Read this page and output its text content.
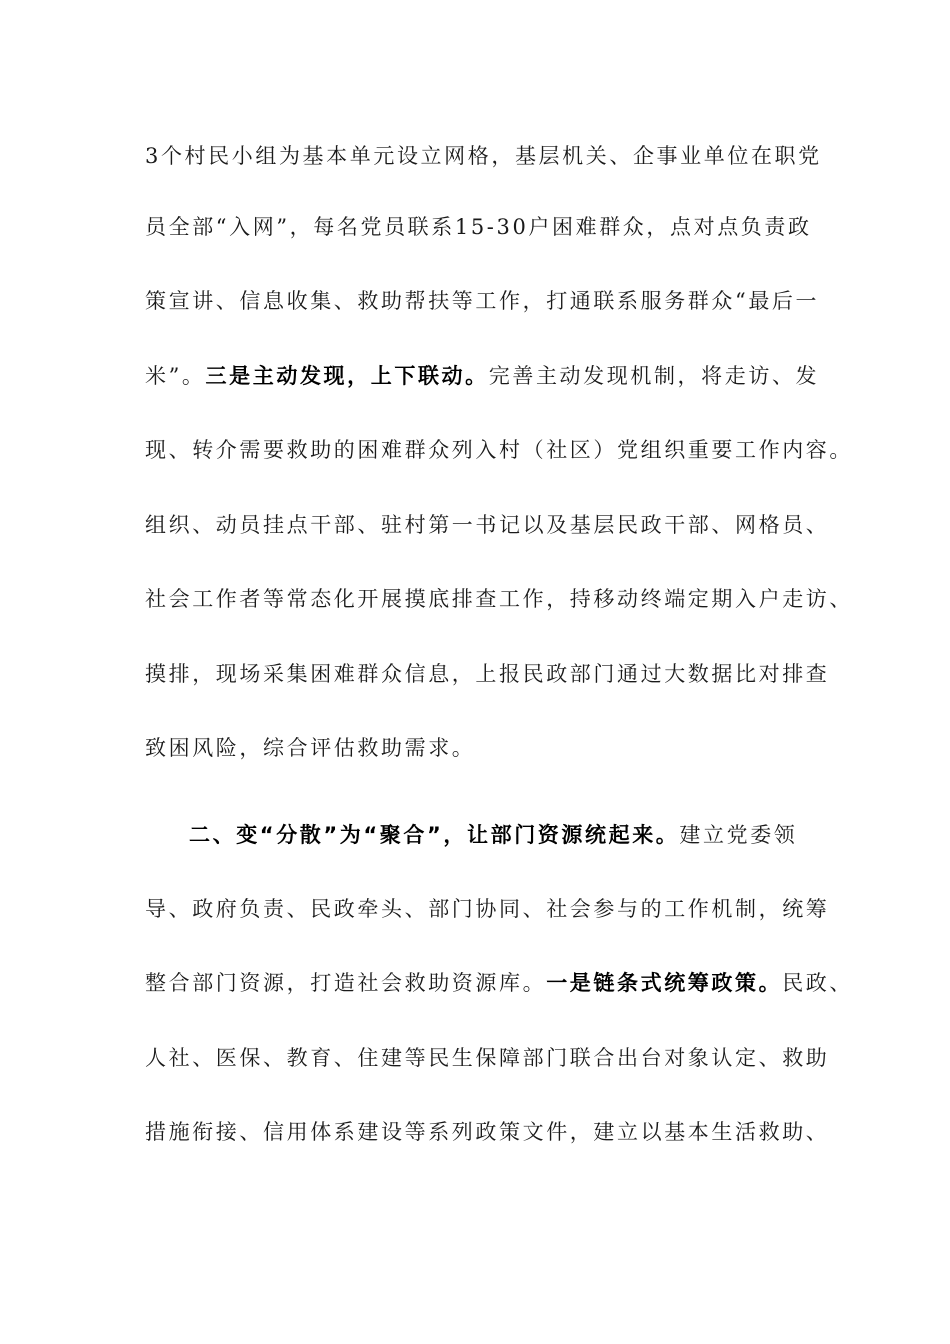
3个村民小组为基本单元设立网格，基层机关、企事业单位在职党
员全部“入网”，每名党员联系15-30户困难群众，点对点负责政
策宣讲、信息收集、救助帮扶等工作，打通联系服务群众“最后一
米”。三是主动发现，上下联动。完善主动发现机制，将走访、发
现、转介需要救助的困难群众列入村（社区）党组织重要工作内容。
组织、动员挂点干部、驻村第一书记以及基层民政干部、网格员、
社会工作者等常态化开展摸底排查工作，持移动终端定期入户走访、
摸排，现场采集困难群众信息，上报民政部门通过大数据比对排查
致困风险，综合评估救助需求。
二、变“分散”为“聚合”，让部门资源统起来。建立党委领
导、政府负责、民政牵头、部门协同、社会参与的工作机制，统筹
整合部门资源，打造社会救助资源库。一是链条式统筹政策。民政、
人社、医保、教育、住建等民生保障部门联合出台对象认定、救助
措施衔接、信用体系建设等系列政策文件，建立以基本生活救助、
